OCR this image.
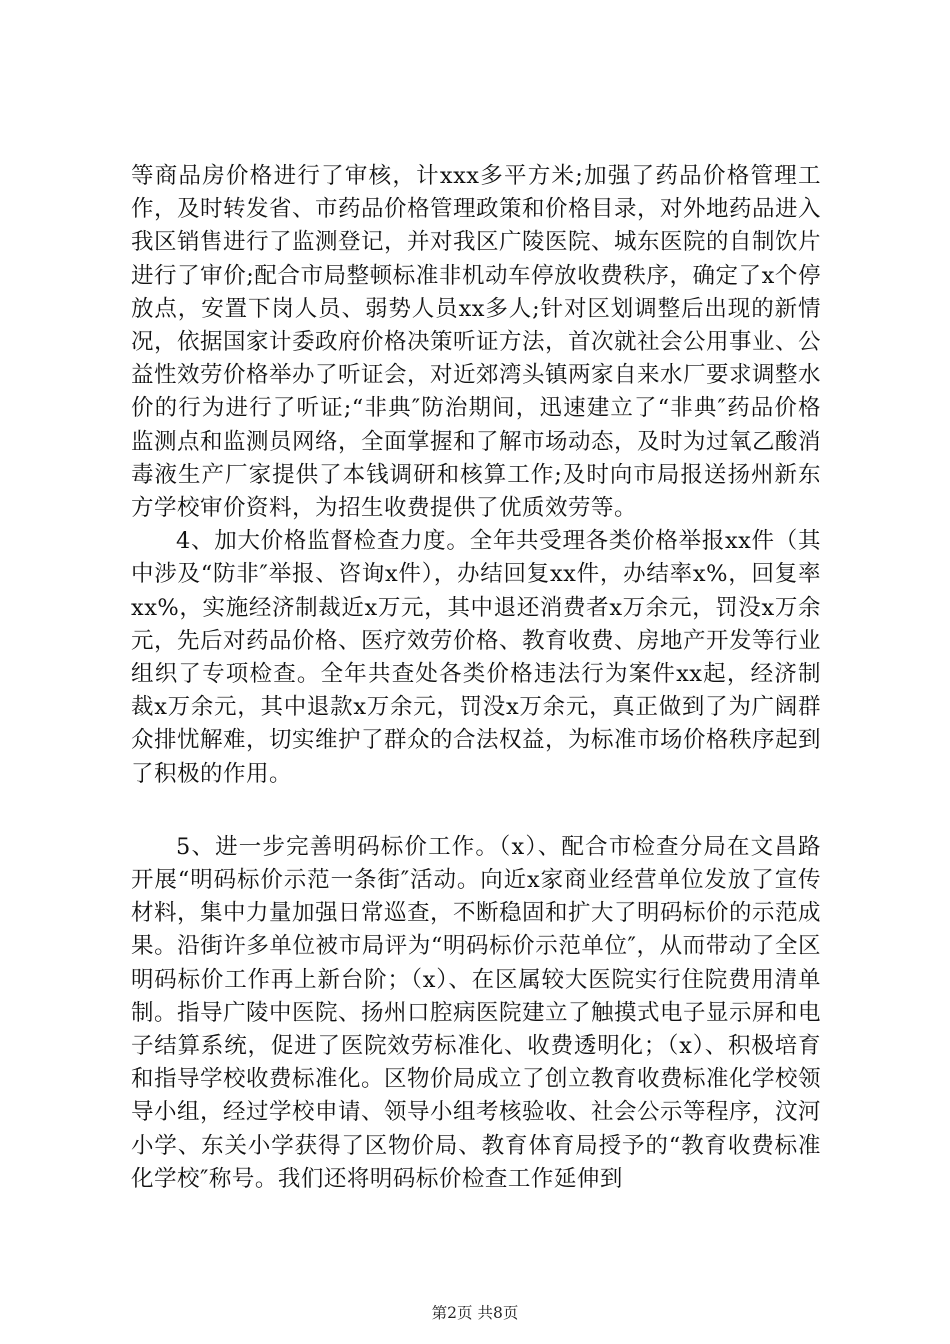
等商品房价格进行了审核，计xxx多平方米;加强了药品价格管理工作，及时转发省、市药品价格管理政策和价格目录，对外地药品进入我区销售进行了监测登记，并对我区广陵医院、城东医院的自制饮片进行了审价;配合市局整顿标准非机动车停放收费秩序，确定了x个停放点，安置下岗人员、弱势人员xx多人;针对区划调整后出现的新情况，依据国家计委政府价格决策听证方法，首次就社会公用事业、公益性效劳价格举办了听证会，对近郊湾头镇两家自来水厂要求调整水价的行为进行了听证;“非典″防治期间，迅速建立了“非典″药品价格监测点和监测员网络，全面掌握和了解市场动态，及时为过氧乙酸消毒液生产厂家提供了本钱调研和核算工作;及时向市局报送扬州新东方学校审价资料，为招生收费提供了优质效劳等。

4、加大价格监督检查力度。全年共受理各类价格举报xx件（其中涉及“防非″举报、咨询x件），办结回复xx件，办结率x%，回复率xx%，实施经济制裁近x万元，其中退还消费者x万余元，罚没x万余元，先后对药品价格、医疗效劳价格、教育收费、房地产开发等行业组织了专项检查。全年共查处各类价格违法行为案件xx起，经济制裁x万余元，其中退款x万余元，罚没x万余元，真正做到了为广阔群众排忧解难，切实维护了群众的合法权益，为标准市场价格秩序起到了积极的作用。

5、进一步完善明码标价工作。（x）、配合市检查分局在文昌路开展“明码标价示范一条街″活动。向近x家商业经营单位发放了宣传材料，集中力量加强日常巡查，不断稳固和扩大了明码标价的示范成果。沿街许多单位被市局评为“明码标价示范单位″，从而带动了全区明码标价工作再上新台阶；（x）、在区属较大医院实行住院费用清单制。指导广陵中医院、扬州口腔病医院建立了触摸式电子显示屏和电子结算系统，促进了医院效劳标准化、收费透明化；（x）、积极培育和指导学校收费标准化。区物价局成立了创立教育收费标准化学校领导小组，经过学校申请、领导小组考核验收、社会公示等程序，汶河小学、东关小学获得了区物价局、教育体育局授予的“教育收费标准化学校″称号。我们还将明码标价检查工作延伸到

第2页 共8页
